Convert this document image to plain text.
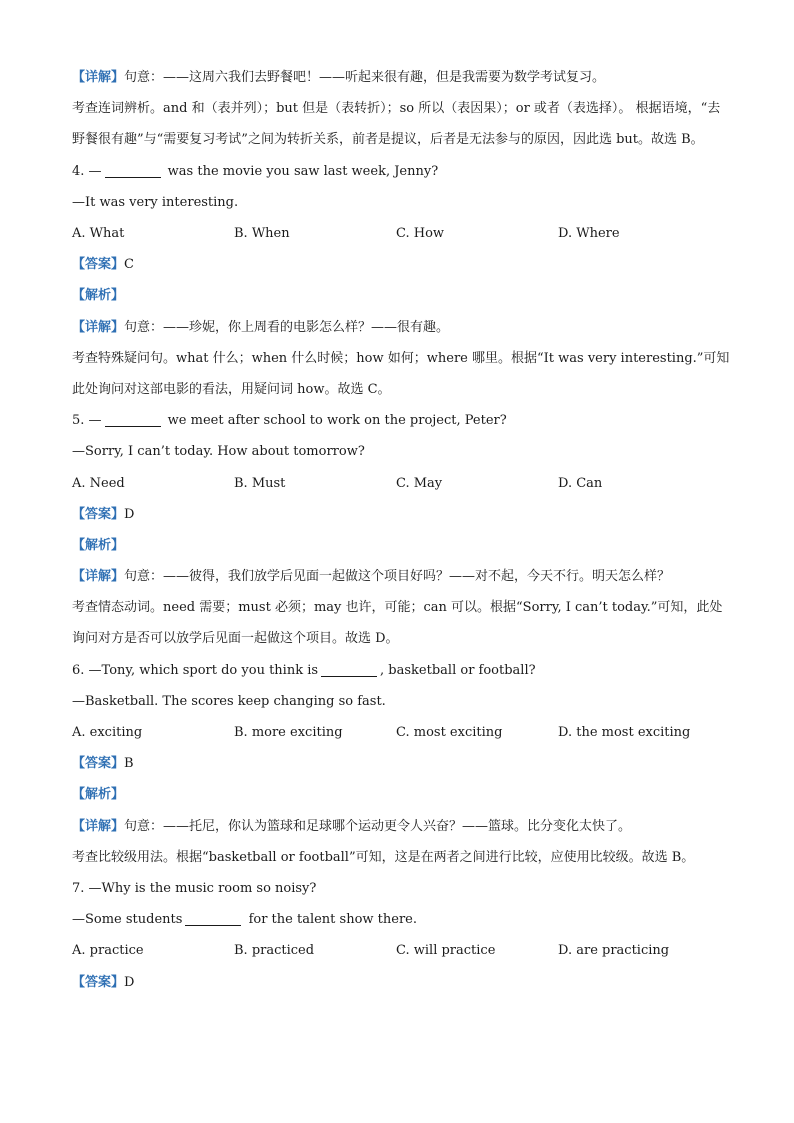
【详解】句意：——这周六我们去野餐吧！——听起来很有趣，但是我需要为数学考试复习。
考查连词辨析。and 和（表并列）；but 但是（表转折）；so 所以（表因果）；or 或者（表选择）。 根据语境，“去野餐很有趣”与“需要复习考试”之间为转折关系，前者是提议，后者是无法参与的原因，因此选 but。故选 B。
4. —	was the movie you saw last week, Jenny?
—It was very interesting.
A. What	B. When	C. How	D. Where
【答案】C
【解析】
【详解】句意：——珍妮，你上周看的电影怎么样？——很有趣。
考查特殊疑问句。what 什么；when 什么时候；how 如何；where 哪里。根据“It was very interesting.”可知此处询问对这部电影的看法，用疑问词 how。故选 C。
5. —	we meet after school to work on the project, Peter?
—Sorry, I can’t today. How about tomorrow?
A. Need	B. Must	C. May	D. Can
【答案】D
【解析】
【详解】句意：——彼得，我们放学后见面一起做这个项目好吗？——对不起，今天不行。明天怎么样？
考查情态动词。need 需要；must 必须；may 也许，可能；can 可以。根据“Sorry, I can’t today.”可知，此处询问对方是否可以放学后见面一起做这个项目。故选 D。
6. —Tony, which sport do you think is	, basketball or football?
—Basketball. The scores keep changing so fast.
A. exciting	B. more exciting	C. most exciting	D. the most exciting
【答案】B
【解析】
【详解】句意：——托尼，你认为篮球和足球哪个运动更令人兴奋？——篮球。比分变化太快了。
考查比较级用法。根据“basketball or football”可知，这是在两者之间进行比较，应使用比较级。故选 B。
7. —Why is the music room so noisy?
—Some students	for the talent show there.
A. practice	B. practiced	C. will practice	D. are practicing
【答案】D
